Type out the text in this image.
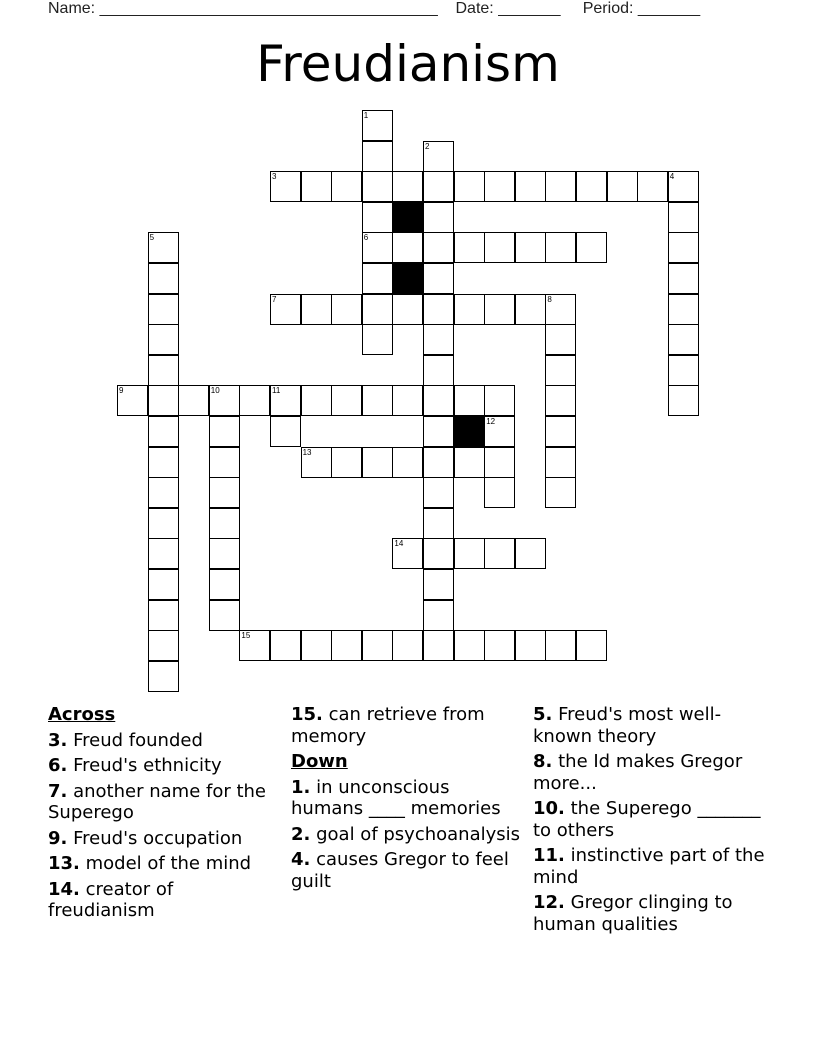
Name: ______________________________________ Date: _______ Period: _______
Freudianism
1
6
2
3	4
5
7	8
9	10	11
12
13
14
15
Across
3. Freud founded
6. Freud's ethnicity
7. another name for the Superego
9. Freud's occupation
13. model of the mind
14. creator of freudianism
15. can retrieve from memory
Down
1. in unconscious humans ____ memories
2. goal of psychoanalysis
4. causes Gregor to feel guilt
5. Freud's most well-known theory
8. the Id makes Gregor more...
10. the Superego _______ to others
11. instinctive part of the mind
12. Gregor clinging to human qualities
